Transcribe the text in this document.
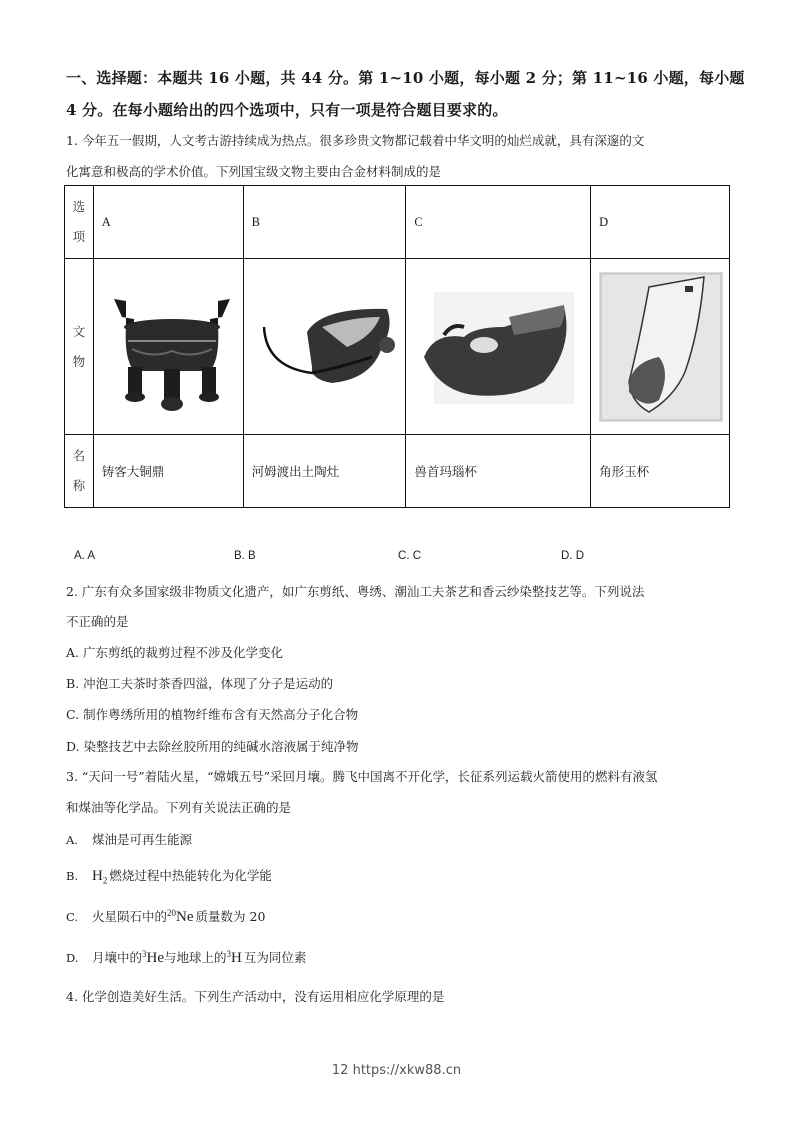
一、选择题：本题共 16 小题，共 44 分。第 1~10 小题，每小题 2 分；第 11~16 小题，每小题
4 分。在每小题给出的四个选项中，只有一项是符合题目要求的。
1. 今年五一假期，人文考古游持续成为热点。很多珍贵文物都记载着中华文明的灿烂成就，具有深邃的文
化寓意和极高的学术价值。下列国宝级文物主要由合金材料制成的是
选
项	A	B	C	D

文
物

名
称	铸客大铜鼎	河姆渡出土陶灶	兽首玛瑙杯	角形玉杯
A. A	B. B	C. C	D. D
2. 广东有众多国家级非物质文化遗产，如广东剪纸、粤绣、潮汕工夫茶艺和香云纱染整技艺等。下列说法
不正确的是
A. 广东剪纸的裁剪过程不涉及化学变化
B. 冲泡工夫茶时茶香四溢，体现了分子是运动的
C. 制作粤绣所用的植物纤维布含有天然高分子化合物
D. 染整技艺中去除丝胶所用的纯碱水溶液属于纯净物
3. “天问一号”着陆火星，“嫦娥五号”采回月壤。腾飞中国离不开化学，长征系列运载火箭使用的燃料有液氢
和煤油等化学品。下列有关说法正确的是
A. 煤油是可再生能源
B. $H_2$ 燃烧过程中热能转化为化学能
C. 火星陨石中的$^{20}$Ne 质量数为 20
D. 月壤中的$^3$He与地球上的$^3$H 互为同位素
4. 化学创造美好生活。下列生产活动中，没有运用相应化学原理的是
12 https://xkw88.cn
